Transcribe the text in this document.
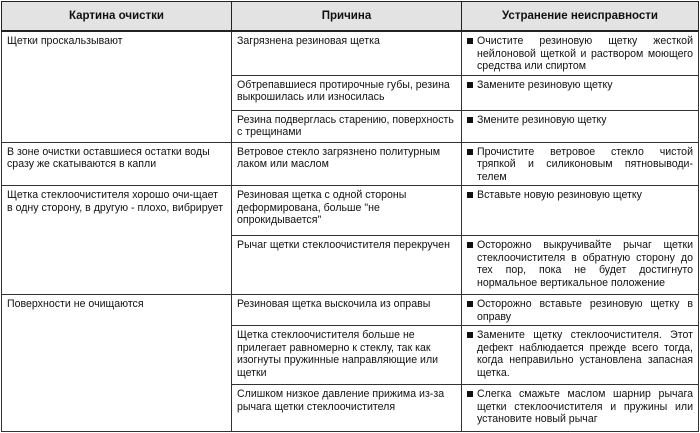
Картина очистки	Причина	Устранение неисправности
Щетки проскальзывают	Загрязнена резиновая щетка	Очистите резиновую щетку жесткой нейлоновой щеткой и раствором моющего средства или спиртом

	Обтрепавшиеся протирочные губы, резина выкрошилась или износилась	Замените резиновую щетку

	Резина подверглась старению, поверхность с трещинами	Змените резиновую щетку

В зоне очистки оставшиеся остатки воды сразу же скатываются в капли	Ветровое стекло загрязнено политурным лаком или маслом	Прочистите ветровое стекло чистой тряпкой и силиконовым пятновыводи-телем

Щетка стеклоочистителя хорошо очи-щает в одну сторону, в другую - плохо, вибрирует	Резиновая щетка с одной стороны деформирована, больше "не опрокидывается"	Вставьте новую резиновую щетку

	Рычаг щетки стеклоочистителя перекручен	Осторожно выкручивайте рычаг щетки стеклоочистителя в обратную сторону до тех пор, пока не будет достигнуто нормальное вертикальное положение

Поверхности не очищаются	Резиновая щетка выскочила из оправы	Осторожно вставьте резиновую щетку в оправу

	Щетка стеклоочистителя больше не прилегает равномерно к стеклу, так как изогнуты пружинные направляющие или щетки	Замените щетку стеклоочистителя. Этот дефект наблюдается прежде всего тогда, когда неправильно установлена запасная щетка.

	Слишком низкое давление прижима из-за рычага щетки стеклоочистителя	Слегка смажьте маслом шарнир рычага щетки стеклоочистителя и пружины или установите новый рычаг
